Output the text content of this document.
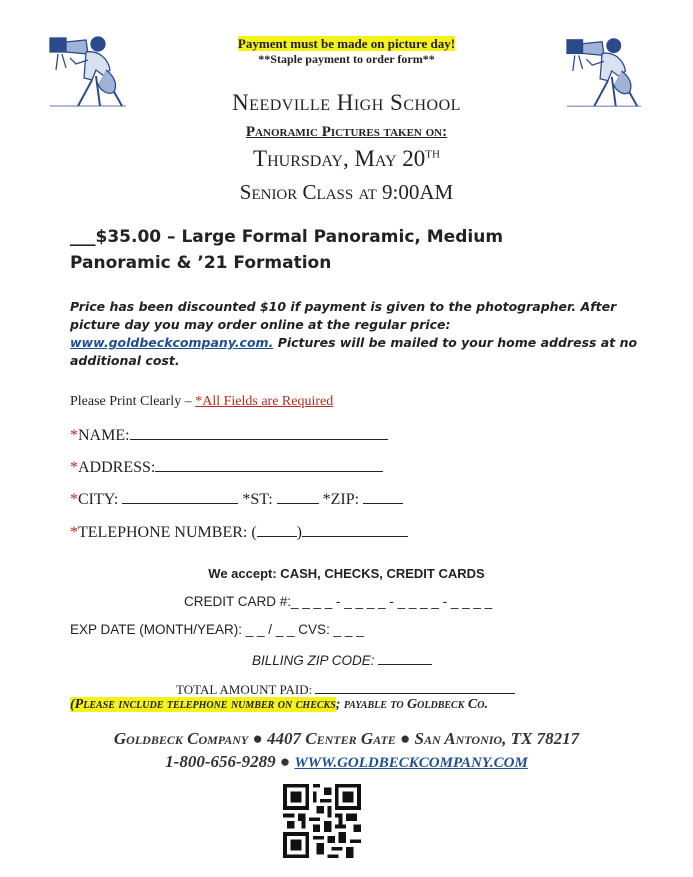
Payment must be made on picture day!
**Staple payment to order form**
Needville High School
Panoramic Pictures taken on:
Thursday, May 20TH
Senior Class at 9:00AM
___$35.00 – Large Formal Panoramic, Medium
Panoramic & ’21 Formation
Price has been discounted $10 if payment is given to the photographer. After picture day you may order online at the regular price: www.goldbeckcompany.com. Pictures will be mailed to your home address at no additional cost.
Please Print Clearly – *All Fields are Required
*NAME:
*ADDRESS:
*CITY:	*ST:	*ZIP:
*TELEPHONE NUMBER: (	)
We accept: CASH, CHECKS, CREDIT CARDS
CREDIT CARD #:_ _ _ _ - _ _ _ _ - _ _ _ _ - _ _ _ _
EXP DATE (MONTH/YEAR): _ _ / _ _ CVS: _ _ _
BILLING ZIP CODE:
TOTAL AMOUNT PAID:
(Please include telephone number on checks; payable to Goldbeck Co.
Goldbeck Company ● 4407 Center Gate ● San Antonio, TX 78217
1-800-656-9289 ● WWW.GOLDBECKCOMPANY.COM
